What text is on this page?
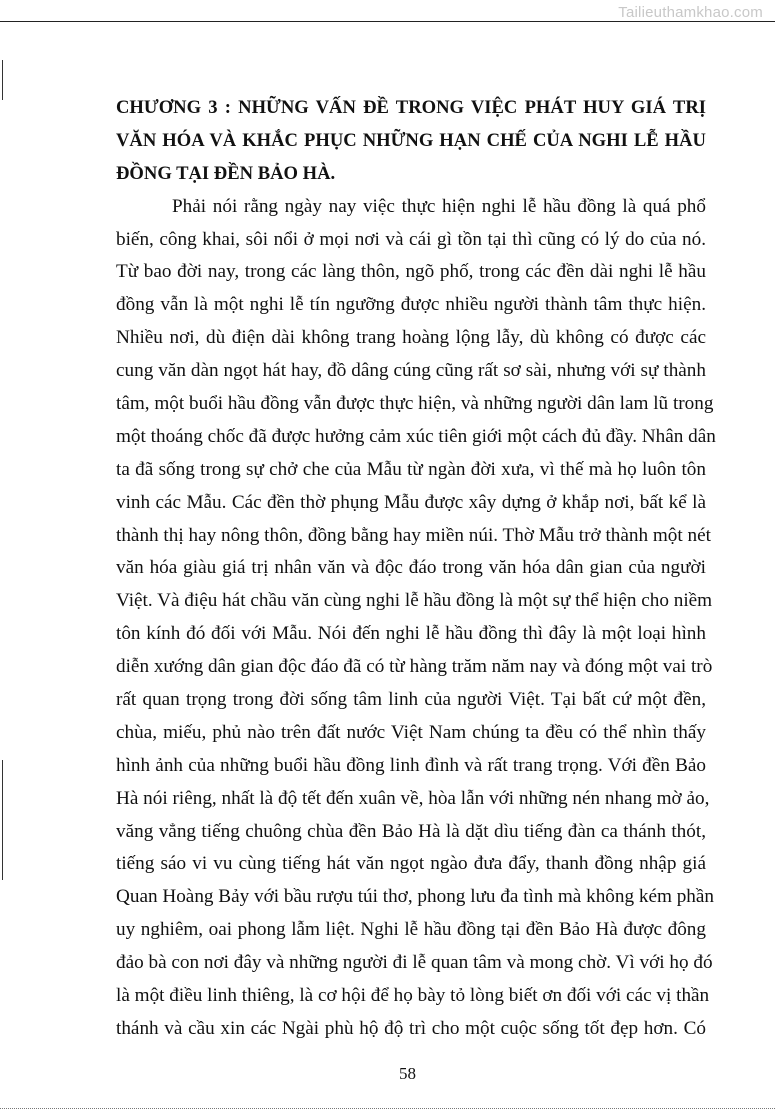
Tailieuthamkhao.com
CHƯƠNG 3 : NHỮNG VẤN ĐỀ TRONG VIỆC PHÁT HUY GIÁ TRỊ
VĂN HÓA VÀ KHẮC PHỤC NHỮNG HẠN CHẾ CỦA NGHI LỄ HẦU
ĐỒNG TẠI ĐỀN BẢO HÀ.
Phải nói rằng ngày nay việc thực hiện nghi lễ hầu đồng là quá phổ
biến, công khai, sôi nổi ở mọi nơi và cái gì tồn tại thì cũng có lý do của nó.
Từ bao đời nay, trong các làng thôn, ngõ phố, trong các đền dài nghi lễ hầu
đồng vẫn là một nghi lễ tín ngưỡng được nhiều người thành tâm thực hiện.
Nhiều nơi, dù điện dài không trang hoàng lộng lẫy, dù không có được các
cung văn dàn ngọt hát hay, đồ dâng cúng cũng rất sơ sài, nhưng với sự thành
tâm, một buổi hầu đồng vẫn được thực hiện, và những người dân lam lũ trong
một thoáng chốc đã được hưởng cảm xúc tiên giới một cách đủ đầy. Nhân dân
ta đã sống trong sự chở che của Mẫu từ ngàn đời xưa, vì thế mà họ luôn tôn
vinh các Mẫu. Các đền thờ phụng Mẫu được xây dựng ở khắp nơi, bất kể là
thành thị hay nông thôn, đồng bằng hay miền núi. Thờ Mẫu trở thành một nét
văn hóa giàu giá trị nhân văn và độc đáo trong văn hóa dân gian của người
Việt. Và điệu hát chầu văn cùng nghi lễ hầu đồng là một sự thể hiện cho niềm
tôn kính đó đối với Mẫu. Nói đến nghi lễ hầu đồng thì đây là một loại hình
diễn xướng dân gian độc đáo đã có từ hàng trăm năm nay và đóng một vai trò
rất quan trọng trong đời sống tâm linh của người Việt. Tại bất cứ một đền,
chùa, miếu, phủ nào trên đất nước Việt Nam chúng ta đều có thể nhìn thấy
hình ảnh của những buổi hầu đồng linh đình và rất trang trọng. Với đền Bảo
Hà nói riêng, nhất là độ tết đến xuân về, hòa lẫn với những nén nhang mờ ảo,
văng vẳng tiếng chuông chùa đền Bảo Hà là dặt dìu tiếng đàn ca thánh thót,
tiếng sáo vi vu cùng tiếng hát văn ngọt ngào đưa đẩy, thanh đồng nhập giá
Quan Hoàng Bảy với bầu rượu túi thơ, phong lưu đa tình mà không kém phần
uy nghiêm, oai phong lẫm liệt. Nghi lễ hầu đồng tại đền Bảo Hà được đông
đảo bà con nơi đây và những người đi lễ quan tâm và mong chờ. Vì với họ đó
là một điều linh thiêng, là cơ hội để họ bày tỏ lòng biết ơn đối với các vị thần
thánh và cầu xin các Ngài phù hộ độ trì cho một cuộc sống tốt đẹp hơn. Có
58
